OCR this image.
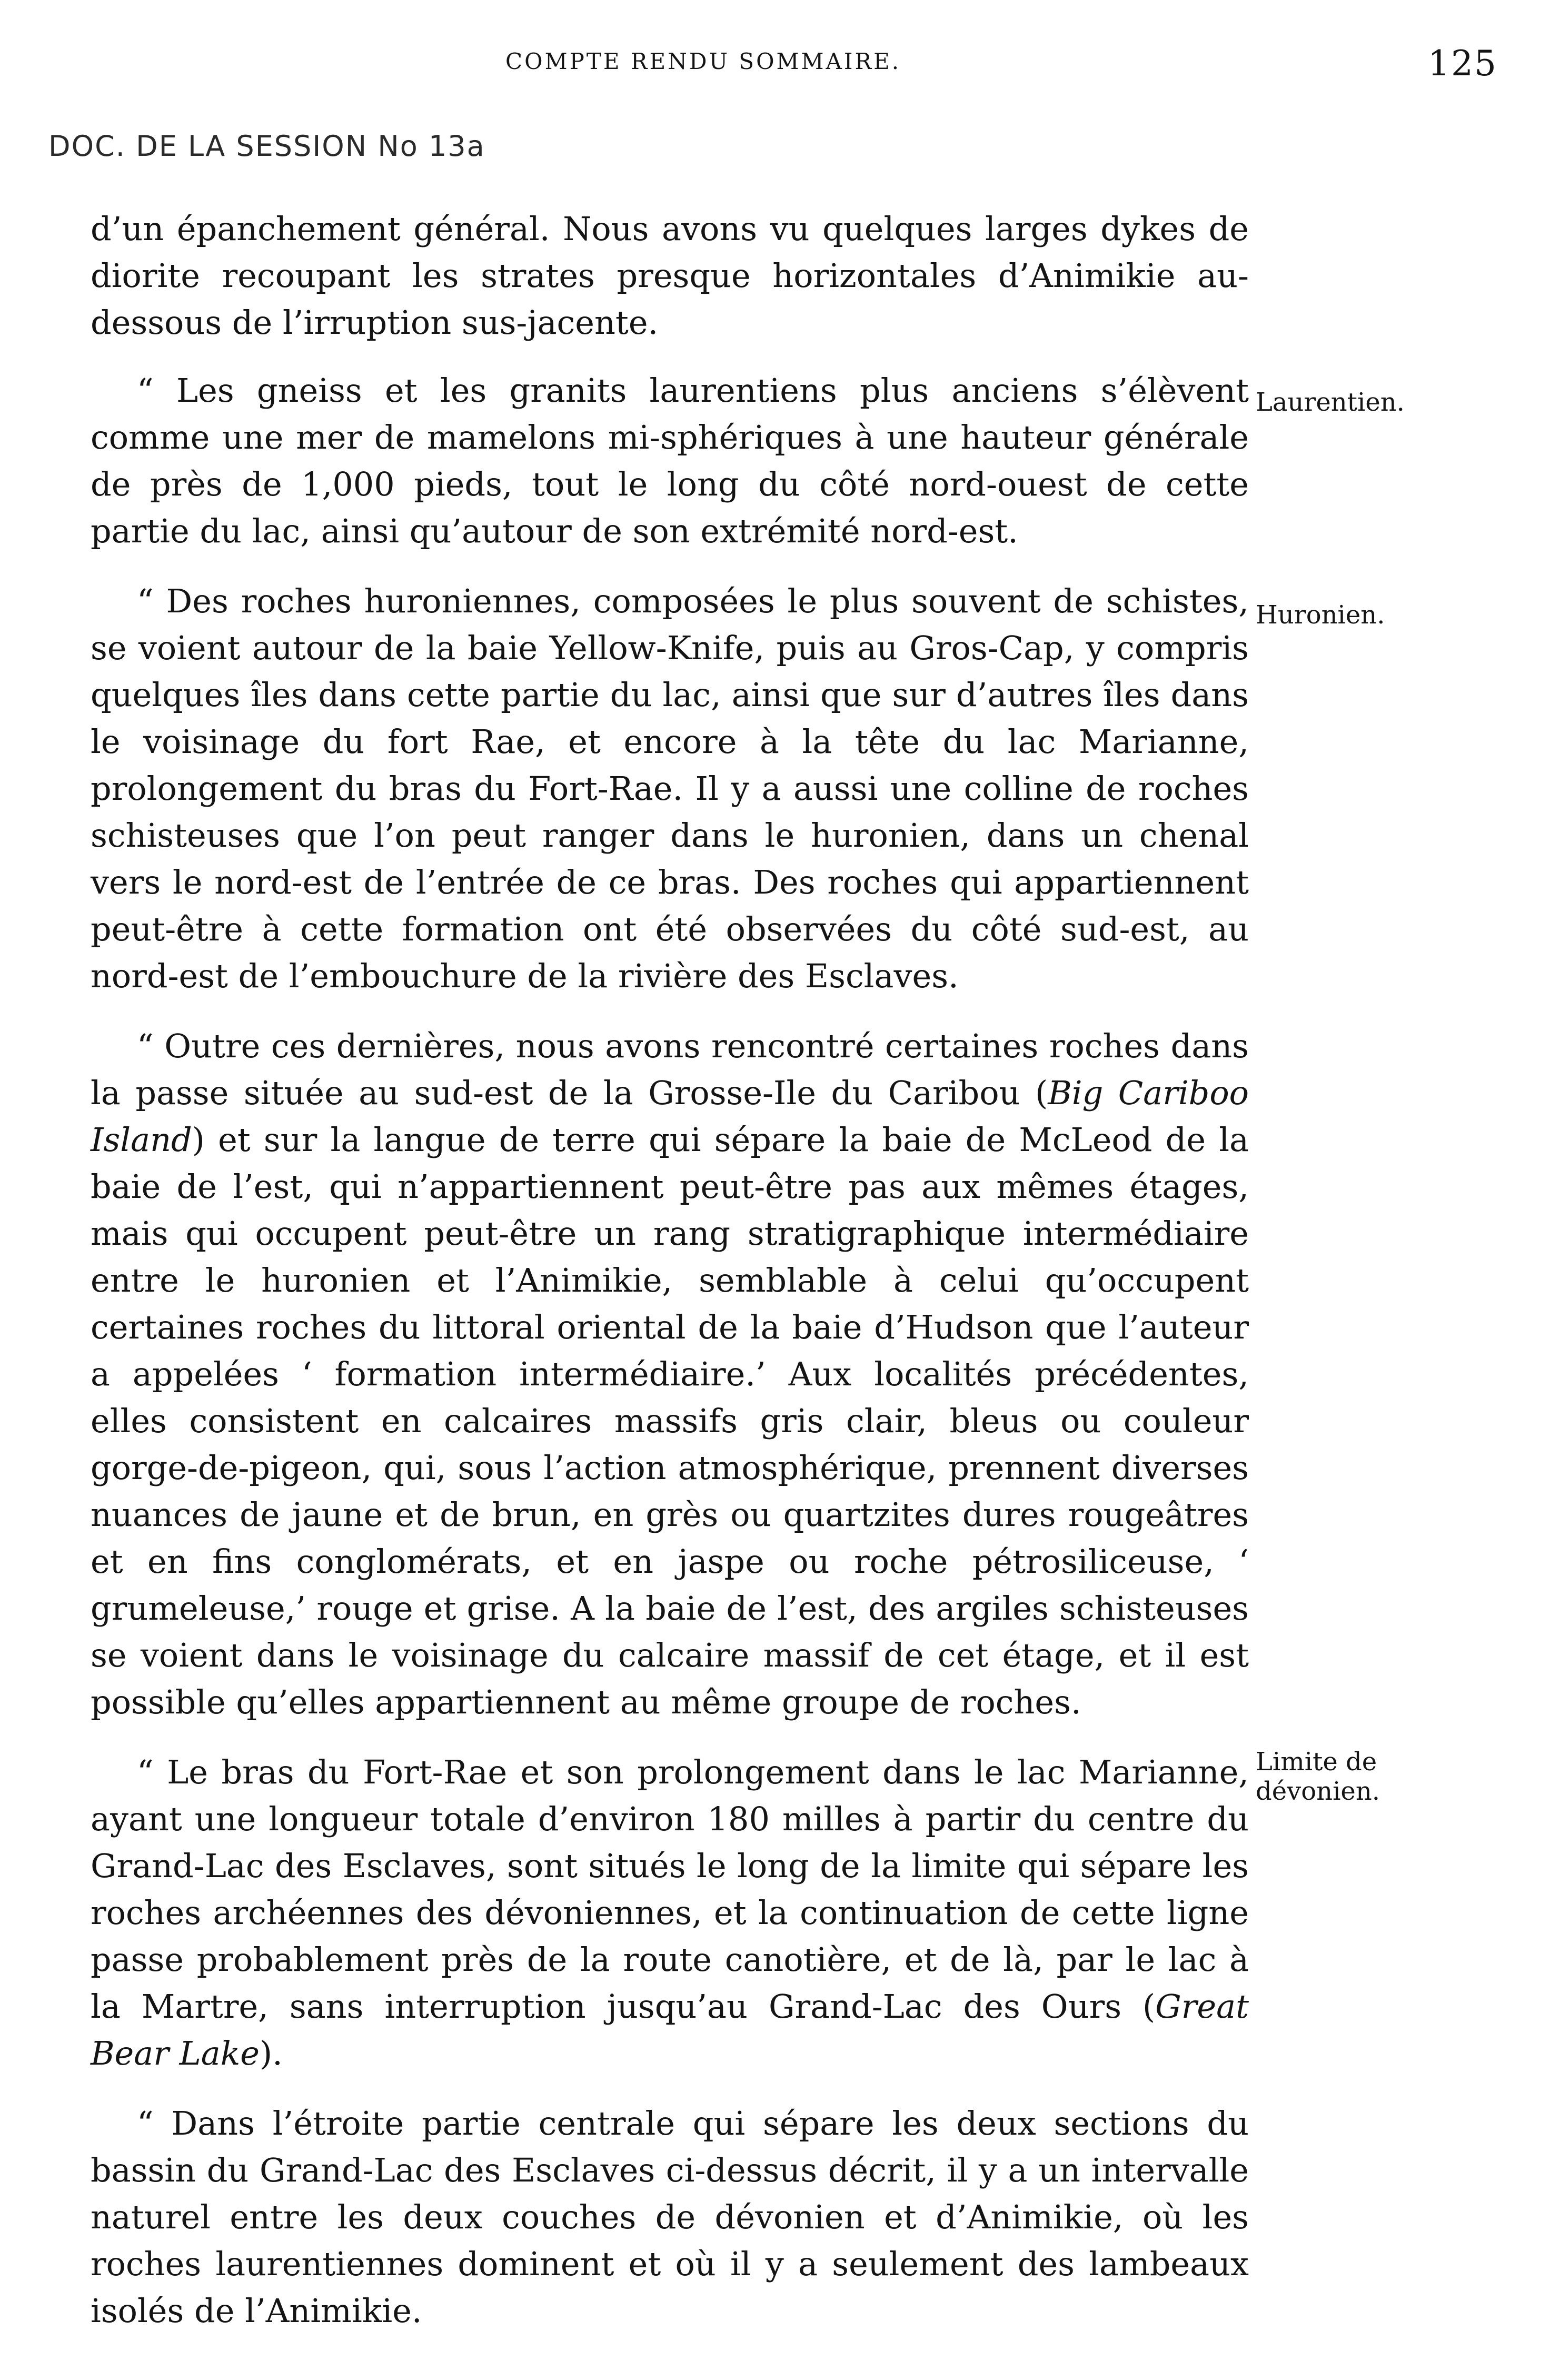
COMPTE RENDU SOMMAIRE.	125
DOC. DE LA SESSION No 13a

d’un épanchement général. Nous avons vu quelques larges dykes de diorite recoupant les strates presque horizontales d’Animikie au-dessous de l’irruption sus-jacente.

“ Les gneiss et les granits laurentiens plus anciens s’élèvent comme une mer de mamelons mi-sphériques à une hauteur générale de près de 1,000 pieds, tout le long du côté nord-ouest de cette partie du lac, ainsi qu’autour de son extrémité nord-est.

“ Des roches huroniennes, composées le plus souvent de schistes, se voient autour de la baie Yellow-Knife, puis au Gros-Cap, y compris quelques îles dans cette partie du lac, ainsi que sur d’autres îles dans le voisinage du fort Rae, et encore à la tête du lac Marianne, prolongement du bras du Fort-Rae. Il y a aussi une colline de roches schisteuses que l’on peut ranger dans le huronien, dans un chenal vers le nord-est de l’entrée de ce bras. Des roches qui appartiennent peut-être à cette formation ont été observées du côté sud-est, au nord-est de l’embouchure de la rivière des Esclaves.

“ Outre ces dernières, nous avons rencontré certaines roches dans la passe située au sud-est de la Grosse-Ile du Caribou (Big Cariboo Island) et sur la langue de terre qui sépare la baie de McLeod de la baie de l’est, qui n’appartiennent peut-être pas aux mêmes étages, mais qui occupent peut-être un rang stratigraphique intermédiaire entre le huronien et l’Animikie, semblable à celui qu’occupent certaines roches du littoral oriental de la baie d’Hudson que l’auteur a appelées ‘ formation intermédiaire.’ Aux localités précédentes, elles consistent en calcaires massifs gris clair, bleus ou couleur gorge-de-pigeon, qui, sous l’action atmosphérique, prennent diverses nuances de jaune et de brun, en grès ou quartzites dures rougeâtres et en fins conglomérats, et en jaspe ou roche pétrosiliceuse, ‘ grumeleuse,’ rouge et grise. A la baie de l’est, des argiles schisteuses se voient dans le voisinage du calcaire massif de cet étage, et il est possible qu’elles appartiennent au même groupe de roches.

“ Le bras du Fort-Rae et son prolongement dans le lac Marianne, ayant une longueur totale d’environ 180 milles à partir du centre du Grand-Lac des Esclaves, sont situés le long de la limite qui sépare les roches archéennes des dévoniennes, et la continuation de cette ligne passe probablement près de la route canotière, et de là, par le lac à la Martre, sans interruption jusqu’au Grand-Lac des Ours (Great Bear Lake).

“ Dans l’étroite partie centrale qui sépare les deux sections du bassin du Grand-Lac des Esclaves ci-dessus décrit, il y a un intervalle naturel entre les deux couches de dévonien et d’Animikie, où les roches laurentiennes dominent et où il y a seulement des lambeaux isolés de l’Animikie.

Laurentien.
Huronien.
Limite de dévonien.
